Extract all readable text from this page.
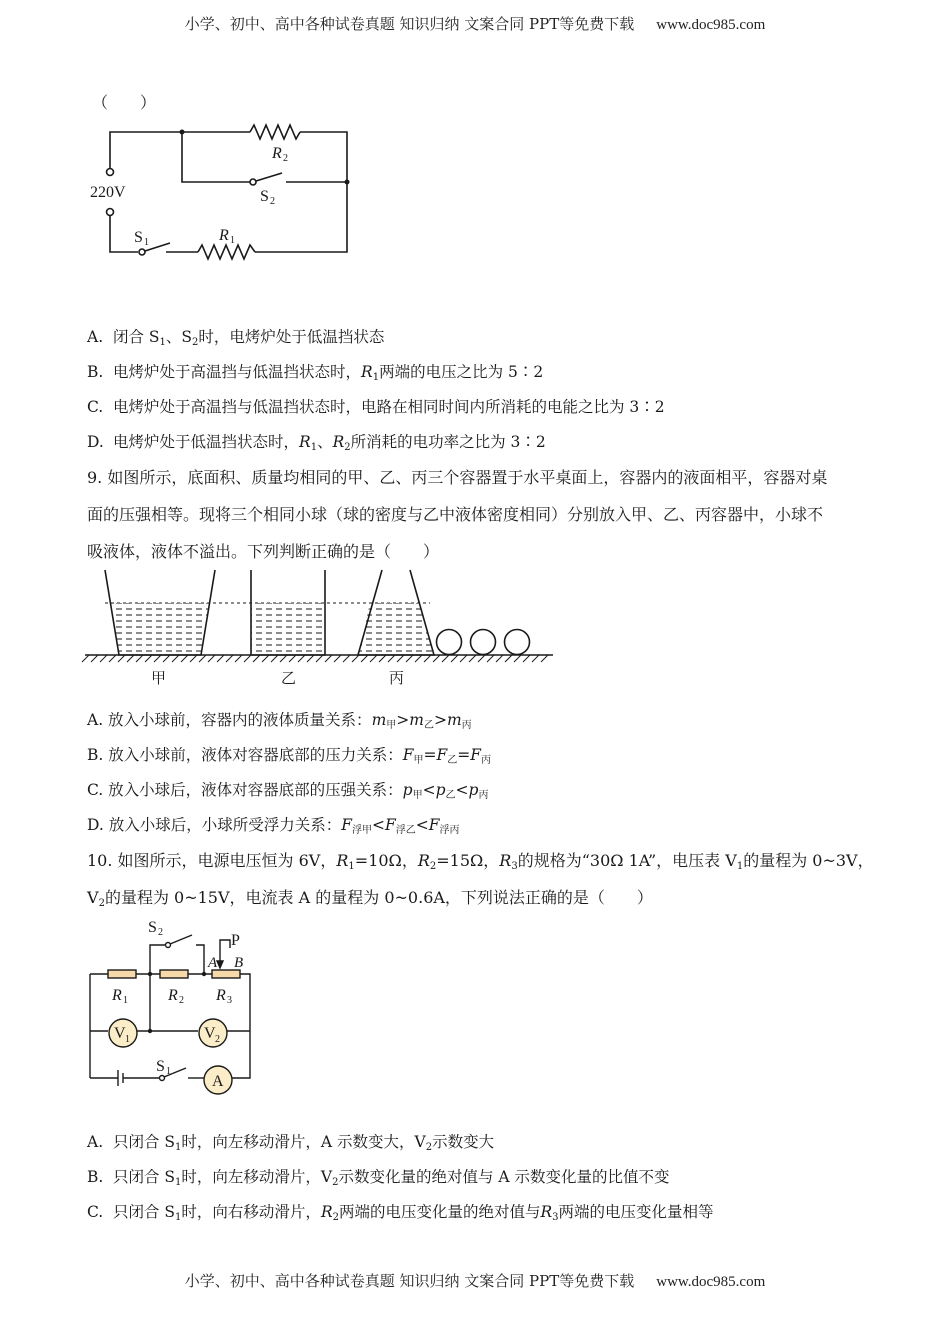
小学、初中、高中各种试卷真题 知识归纳 文案合同 PPT等免费下载 www.doc985.com
（　　）
220V
R 2
S 2
S 1	R 1
A. 闭合 $S_1$、$S_2$时，电烤炉处于低温挡状态
B. 电烤炉处于高温挡与低温挡状态时，$R_1$两端的电压之比为 5∶2
C. 电烤炉处于高温挡与低温挡状态时，电路在相同时间内所消耗的电能之比为 3∶2
D. 电烤炉处于低温挡状态时，$R_1$、$R_2$所消耗的电功率之比为 3∶2
9. 如图所示，底面积、质量均相同的甲、乙、丙三个容器置于水平桌面上，容器内的液面相平，容器对桌
面的压强相等。现将三个相同小球（球的密度与乙中液体密度相同）分别放入甲、乙、丙容器中，小球不
吸液体，液体不溢出。下列判断正确的是（　　）
甲	乙	丙
A. 放入小球前，容器内的液体质量关系：$m_甲>m_乙>m_丙$
B. 放入小球前，液体对容器底部的压力关系：$F_甲=F_乙=F_丙$
C. 放入小球后，液体对容器底部的压强关系：$p_甲<p_乙<p_丙$
D. 放入小球后，小球所受浮力关系：$F_{浮甲}<F_{浮乙}<F_{浮丙}$
10. 如图所示，电源电压恒为 6V，$R_1=10\Omega$，$R_2=15\Omega$，$R_3$的规格为“30Ω 1A”，电压表 $V_1$的量程为 0~3V，
$V_2$的量程为 0~15V，电流表 A 的量程为 0~0.6A，下列说法正确的是（　　）
S 2	P
A B
R 1	R 2 R 3
V 1	V 2
S 1
A
A. 只闭合 $S_1$时，向左移动滑片，A 示数变大，$V_2$示数变大
B. 只闭合 $S_1$时，向左移动滑片，$V_2$示数变化量的绝对值与 A 示数变化量的比值不变
C. 只闭合 $S_1$时，向右移动滑片，$R_2$两端的电压变化量的绝对值与$R_3$两端的电压变化量相等
小学、初中、高中各种试卷真题 知识归纳 文案合同 PPT等免费下载 www.doc985.com
